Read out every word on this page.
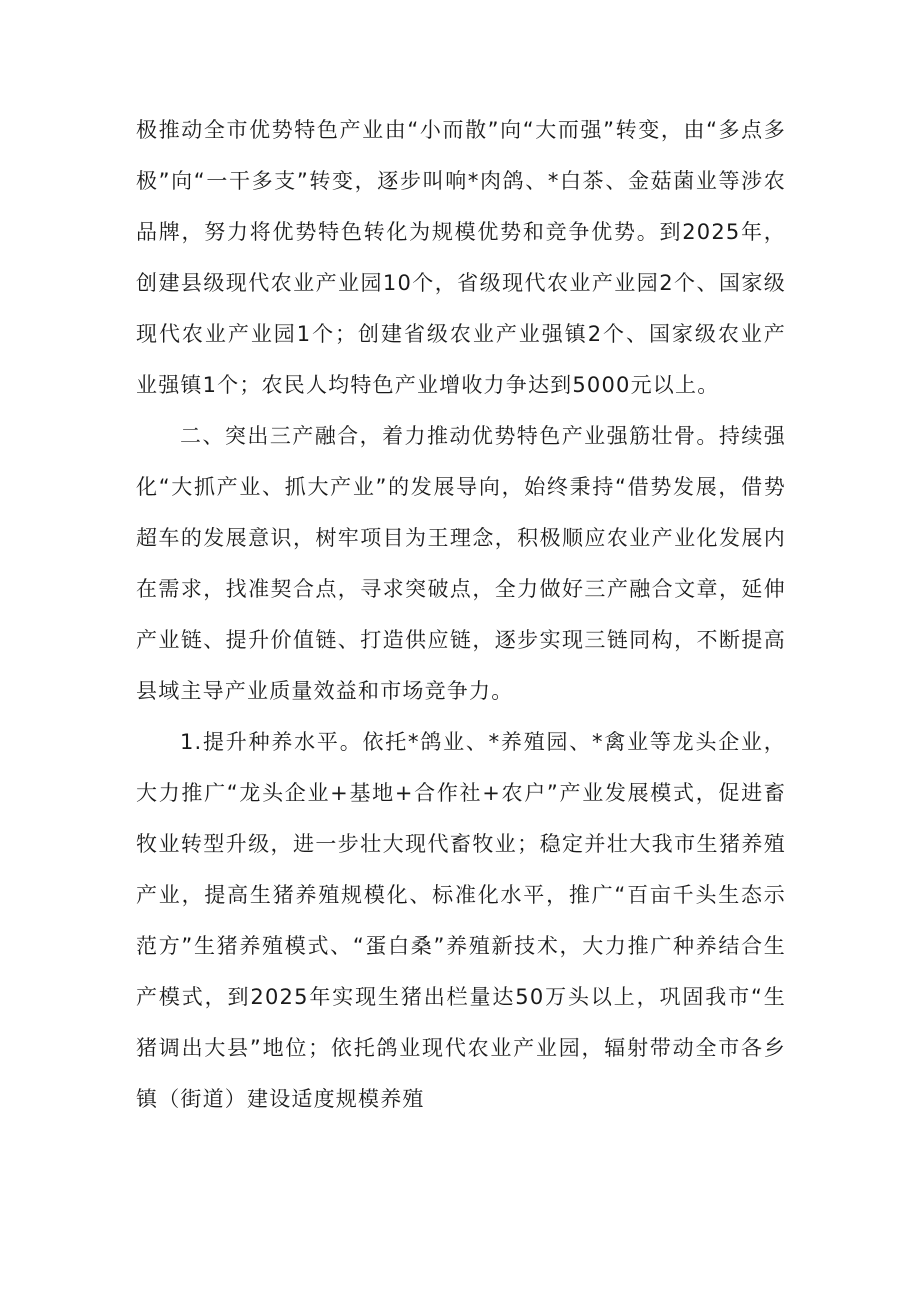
极推动全市优势特色产业由“小而散”向“大而强”转变，由“多点多极”向“一干多支”转变，逐步叫响*肉鸽、*白茶、金菇菌业等涉农品牌，努力将优势特色转化为规模优势和竞争优势。到2025年，创建县级现代农业产业园10个，省级现代农业产业园2个、国家级现代农业产业园1个；创建省级农业产业强镇2个、国家级农业产业强镇1个；农民人均特色产业增收力争达到5000元以上。

二、突出三产融合，着力推动优势特色产业强筋壮骨。持续强化“大抓产业、抓大产业”的发展导向，始终秉持“借势发展，借势超车的发展意识，树牢项目为王理念，积极顺应农业产业化发展内在需求，找准契合点，寻求突破点，全力做好三产融合文章，延伸产业链、提升价值链、打造供应链，逐步实现三链同构，不断提高县域主导产业质量效益和市场竞争力。

1.提升种养水平。依托*鸽业、*养殖园、*禽业等龙头企业，大力推广“龙头企业+基地+合作社+农户”产业发展模式，促进畜牧业转型升级，进一步壮大现代畜牧业；稳定并壮大我市生猪养殖产业，提高生猪养殖规模化、标准化水平，推广“百亩千头生态示范方”生猪养殖模式、“蛋白桑”养殖新技术，大力推广种养结合生产模式，到2025年实现生猪出栏量达50万头以上，巩固我市“生猪调出大县”地位；依托鸽业现代农业产业园，辐射带动全市各乡镇（街道）建设适度规模养殖
